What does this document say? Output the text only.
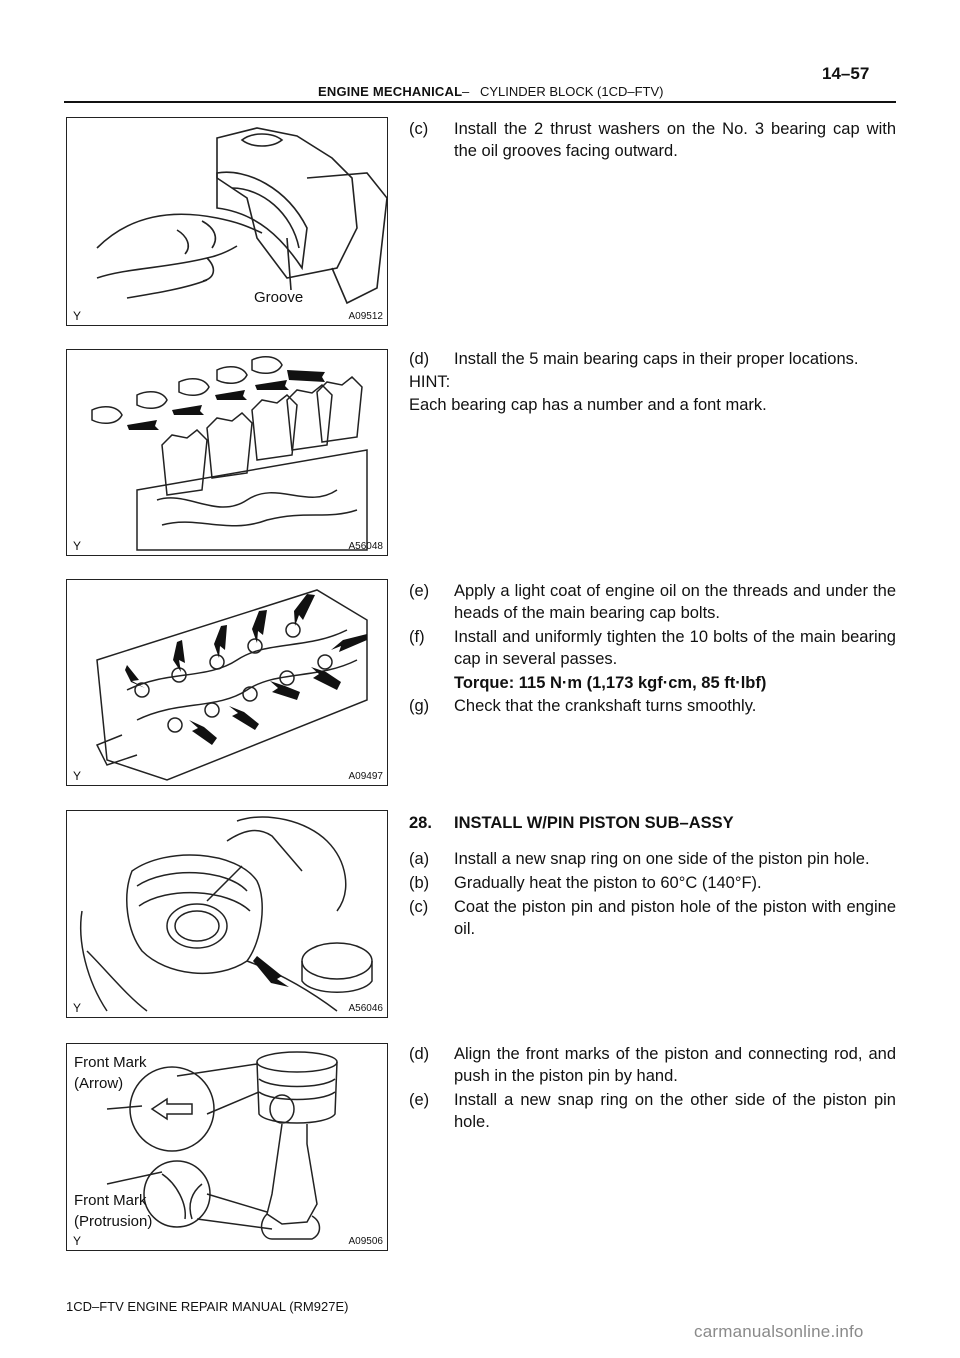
14–57
ENGINE MECHANICAL – CYLINDER BLOCK (1CD–FTV)
Groove
Y	A09512
Y	A56048
Y	A09497
Y	A56046
Front Mark
(Arrow)
Front Mark
(Protrusion)
Y	A09506
(c) Install the 2 thrust washers on the No. 3 bearing cap with the oil grooves facing outward.
(d) Install the 5 main bearing caps in their proper locations.
HINT:
Each bearing cap has a number and a font mark.
(e) Apply a light coat of engine oil on the threads and under the heads of the main bearing cap bolts.
(f) Install and uniformly tighten the 10 bolts of the main bearing cap in several passes.
Torque: 115 N·m (1,173 kgf·cm, 85 ft·lbf)
(g) Check that the crankshaft turns smoothly.
28. INSTALL W/PIN PISTON SUB–ASSY
(a) Install a new snap ring on one side of the piston pin hole.
(b) Gradually heat the piston to 60°C (140°F).
(c) Coat the piston pin and piston hole of the piston with engine oil.
(d) Align the front marks of the piston and connecting rod, and push in the piston pin by hand.
(e) Install a new snap ring on the other side of the piston pin hole.
1CD–FTV ENGINE REPAIR MANUAL (RM927E)
carmanualsonline.info
